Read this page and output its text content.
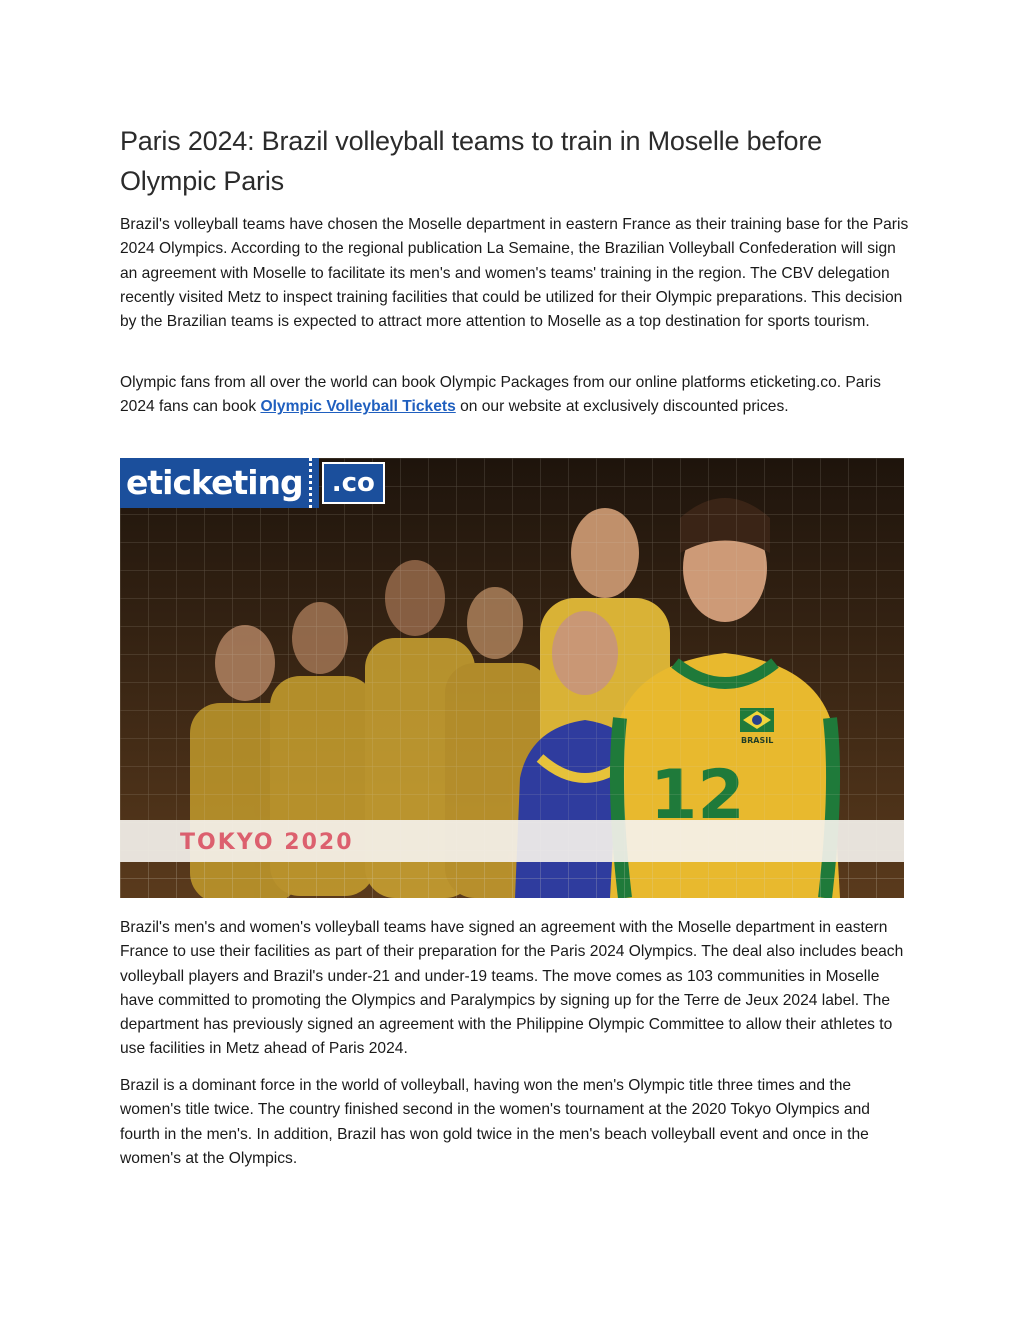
Paris 2024: Brazil volleyball teams to train in Moselle before Olympic Paris

Brazil's volleyball teams have chosen the Moselle department in eastern France as their training base for the Paris 2024 Olympics. According to the regional publication La Semaine, the Brazilian Volleyball Confederation will sign an agreement with Moselle to facilitate its men's and women's teams' training in the region. The CBV delegation recently visited Metz to inspect training facilities that could be utilized for their Olympic preparations. This decision by the Brazilian teams is expected to attract more attention to Moselle as a top destination for sports tourism.

Olympic fans from all over the world can book Olympic Packages from our online platforms eticketing.co. Paris 2024 fans can book Olympic Volleyball Tickets on our website at exclusively discounted prices.

eticketing	.co
TOKYO 2020

Brazil's men's and women's volleyball teams have signed an agreement with the Moselle department in eastern France to use their facilities as part of their preparation for the Paris 2024 Olympics. The deal also includes beach volleyball players and Brazil's under-21 and under-19 teams. The move comes as 103 communities in Moselle have committed to promoting the Olympics and Paralympics by signing up for the Terre de Jeux 2024 label. The department has previously signed an agreement with the Philippine Olympic Committee to allow their athletes to use facilities in Metz ahead of Paris 2024.

Brazil is a dominant force in the world of volleyball, having won the men's Olympic title three times and the women's title twice. The country finished second in the women's tournament at the 2020 Tokyo Olympics and fourth in the men's. In addition, Brazil has won gold twice in the men's beach volleyball event and once in the women's at the Olympics.
